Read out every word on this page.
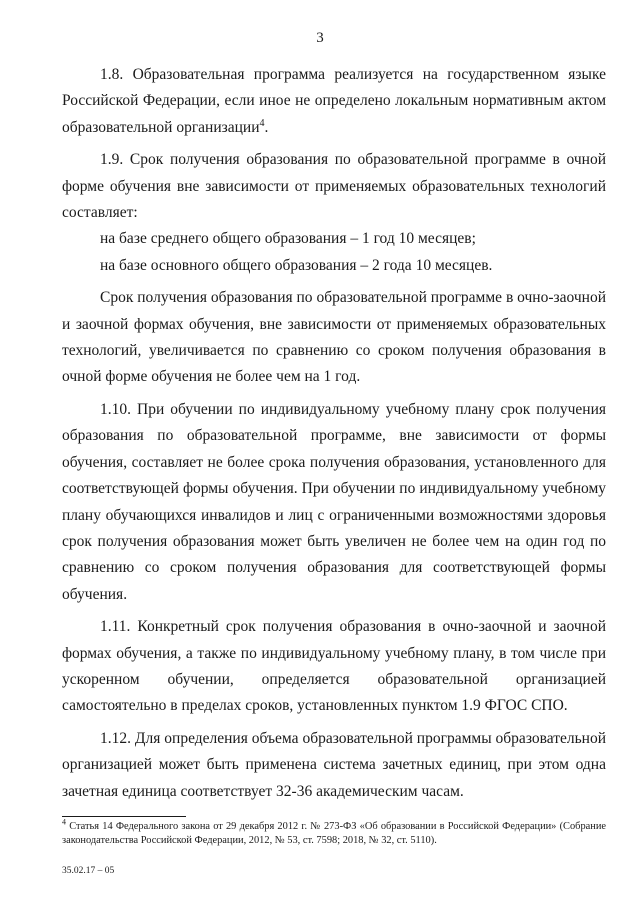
3

1.8. Образовательная программа реализуется на государственном языке Российской Федерации, если иное не определено локальным нормативным актом образовательной организации$^4$.

1.9. Срок получения образования по образовательной программе в очной форме обучения вне зависимости от применяемых образовательных технологий составляет:

на базе среднего общего образования – 1 год 10 месяцев;

на базе основного общего образования – 2 года 10 месяцев.

Срок получения образования по образовательной программе в очно-заочной и заочной формах обучения, вне зависимости от применяемых образовательных технологий, увеличивается по сравнению со сроком получения образования в очной форме обучения не более чем на 1 год.

1.10. При обучении по индивидуальному учебному плану срок получения образования по образовательной программе, вне зависимости от формы обучения, составляет не более срока получения образования, установленного для соответствующей формы обучения. При обучении по индивидуальному учебному плану обучающихся инвалидов и лиц с ограниченными возможностями здоровья срок получения образования может быть увеличен не более чем на один год по сравнению со сроком получения образования для соответствующей формы обучения.

1.11. Конкретный срок получения образования в очно-заочной и заочной формах обучения, а также по индивидуальному учебному плану, в том числе при ускоренном обучении, определяется образовательной организацией самостоятельно в пределах сроков, установленных пунктом 1.9 ФГОС СПО.

1.12. Для определения объема образовательной программы образовательной организацией может быть применена система зачетных единиц, при этом одна зачетная единица соответствует 32-36 академическим часам.

$^4$ Статья 14 Федерального закона от 29 декабря 2012 г. № 273-ФЗ «Об образовании в Российской Федерации» (Собрание законодательства Российской Федерации, 2012, № 53, ст. 7598; 2018, № 32, ст. 5110).
35.02.17 – 05
